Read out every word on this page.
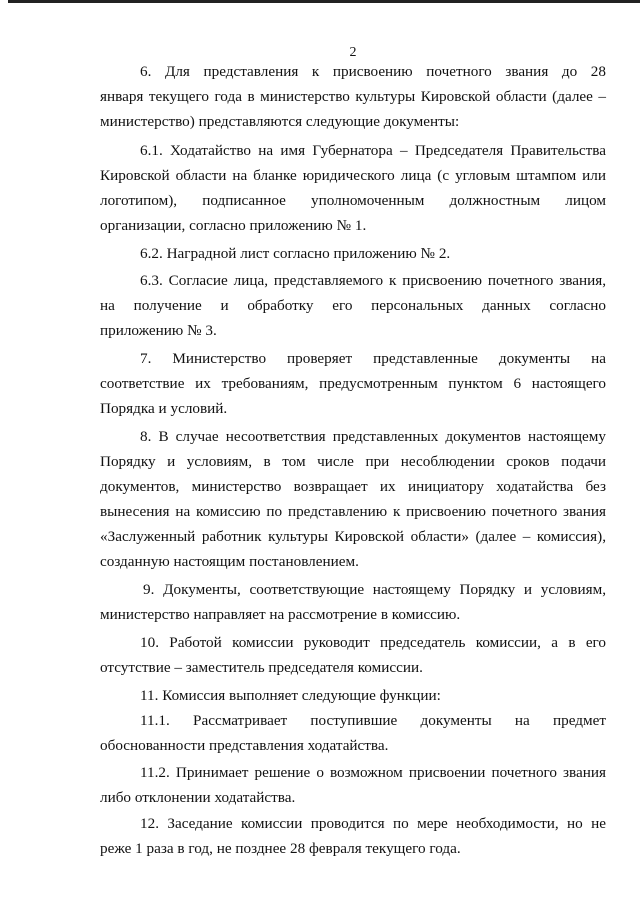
2
6. Для представления к присвоению почетного звания до 28
января текущего года в министерство культуры Кировской области (далее –
министерство) представляются следующие документы:
6.1. Ходатайство на имя Губернатора – Председателя Правительства
Кировской области на бланке юридического лица (с угловым штампом или
логотипом), подписанное уполномоченным должностным лицом
организации, согласно приложению № 1.
6.2. Наградной лист согласно приложению № 2.
6.3. Согласие лица, представляемого к присвоению почетного звания,
на получение и обработку его персональных данных согласно
приложению № 3.
7. Министерство проверяет представленные документы на
соответствие их требованиям, предусмотренным пунктом 6 настоящего
Порядка и условий.
8. В случае несоответствия представленных документов настоящему
Порядку и условиям, в том числе при несоблюдении сроков подачи
документов, министерство возвращает их инициатору ходатайства без
вынесения на комиссию по представлению к присвоению почетного звания
«Заслуженный работник культуры Кировской области» (далее – комиссия),
созданную настоящим постановлением.
9. Документы, соответствующие настоящему Порядку и условиям,
министерство направляет на рассмотрение в комиссию.
10. Работой комиссии руководит председатель комиссии, а в его
отсутствие – заместитель председателя комиссии.
11. Комиссия выполняет следующие функции:
11.1. Рассматривает поступившие документы на предмет
обоснованности представления ходатайства.
11.2. Принимает решение о возможном присвоении почетного звания
либо отклонении ходатайства.
12. Заседание комиссии проводится по мере необходимости, но не
реже 1 раза в год, не позднее 28 февраля текущего года.
